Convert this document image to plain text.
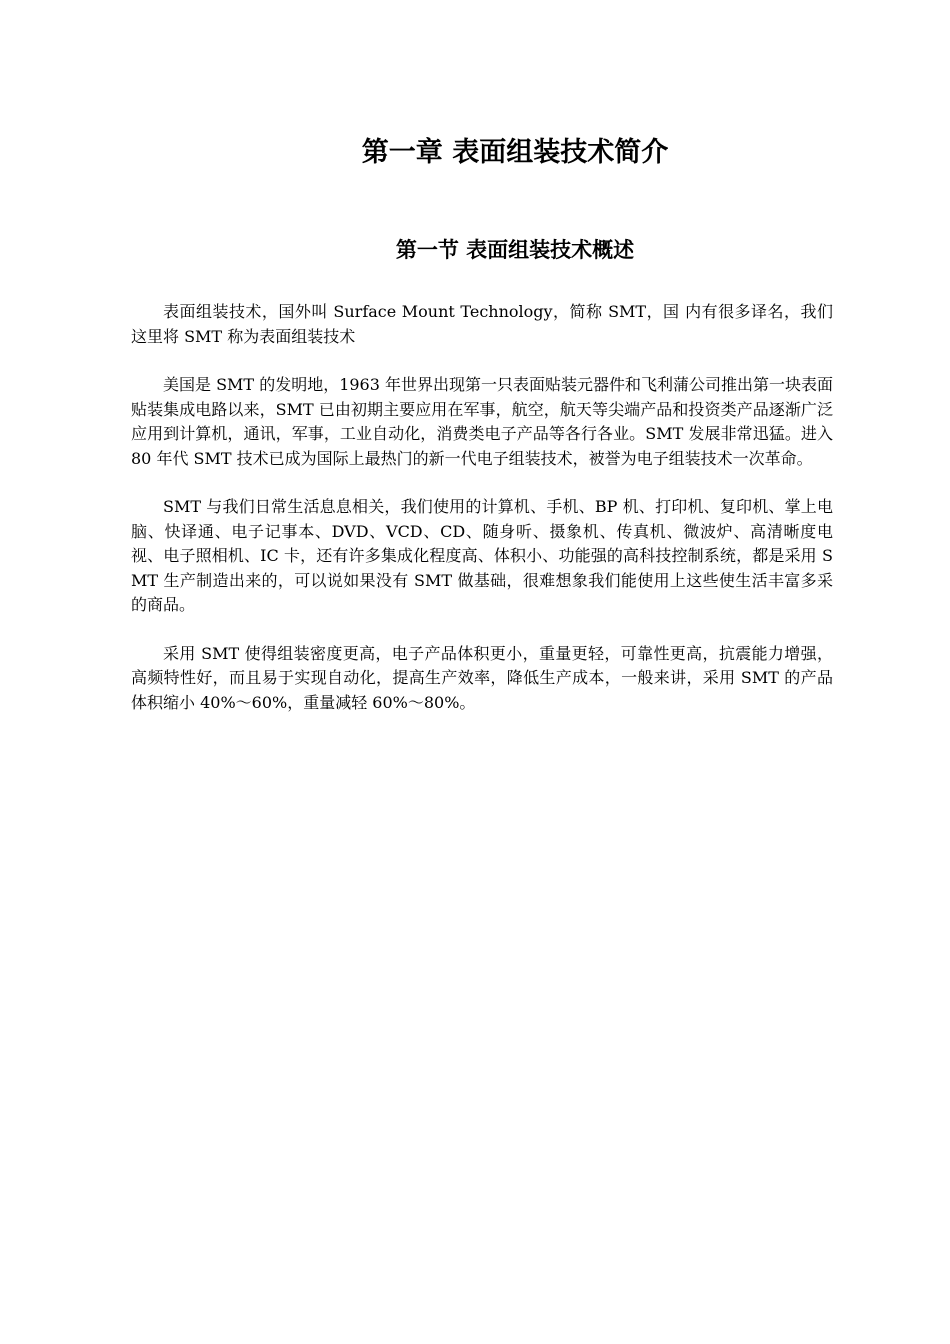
第一章 表面组装技术简介
第一节 表面组装技术概述

表面组装技术，国外叫 Surface Mount Technology，简称 SMT，国 内有很多译名，我们这里将 SMT 称为表面组装技术

美国是 SMT 的发明地，1963 年世界出现第一只表面贴装元器件和飞利蒲公司推出第一块表面贴装集成电路以来，SMT 已由初期主要应用在军事，航空，航天等尖端产品和投资类产品逐渐广泛应用到计算机，通讯，军事，工业自动化，消费类电子产品等各行各业。SMT 发展非常迅猛。进入 80 年代 SMT 技术已成为国际上最热门的新一代电子组装技术，被誉为电子组装技术一次革命。

SMT 与我们日常生活息息相关，我们使用的计算机、手机、BP 机、打印机、复印机、掌上电脑、快译通、电子记事本、DVD、VCD、CD、随身听、摄象机、传真机、微波炉、高清晰度电视、电子照相机、IC 卡，还有许多集成化程度高、体积小、功能强的高科技控制系统，都是采用 SMT 生产制造出来的，可以说如果没有 SMT 做基础，很难想象我们能使用上这些使生活丰富多采的商品。

采用 SMT 使得组装密度更高，电子产品体积更小，重量更轻，可靠性更高，抗震能力增强，高频特性好，而且易于实现自动化，提高生产效率，降低生产成本，一般来讲，采用 SMT 的产品体积缩小 40%～60%，重量减轻 60%～80%。
